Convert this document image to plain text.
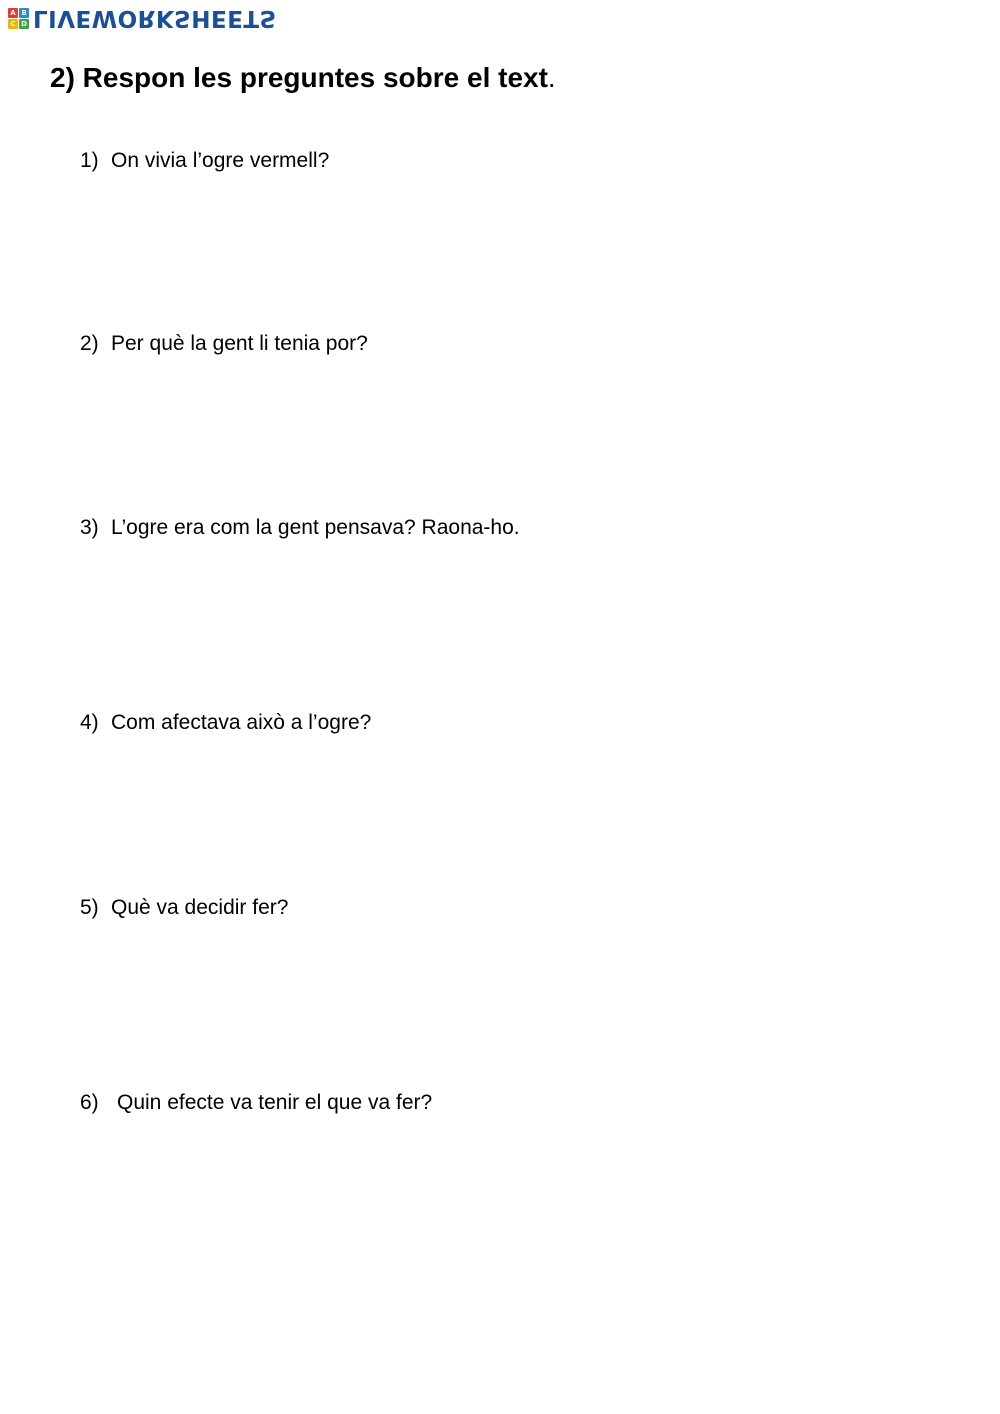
A B
C D LIVEWORKSHEETS
2) Respon les preguntes sobre el text.
1) On vivia l’ogre vermell?
2) Per què la gent li tenia por?
3) L’ogre era com la gent pensava? Raona-ho.
4) Com afectava això a l’ogre?
5) Què va decidir fer?
6) Quin efecte va tenir el que va fer?
